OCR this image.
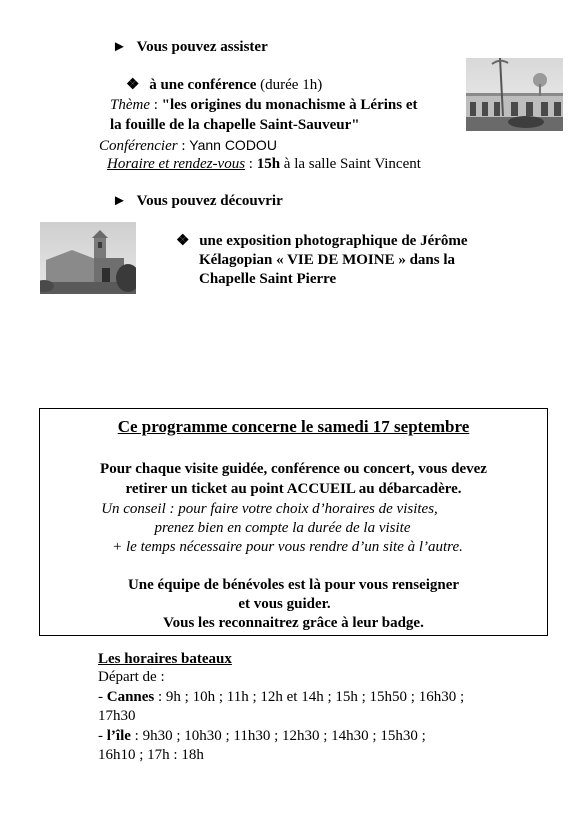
► Vous pouvez assister
❖ à une conférence (durée 1h)
Thème : "les origines du monachisme à Lérins et
la fouille de la chapelle Saint-Sauveur"
Conférencier : Yann CODOU
Horaire et rendez-vous : 15h à la salle Saint Vincent
► Vous pouvez découvrir
❖ une exposition photographique de Jérôme
Kélagopian « VIE DE MOINE » dans la
Chapelle Saint Pierre
Ce programme concerne le samedi 17 septembre
Pour chaque visite guidée, conférence ou concert, vous devez
retirer un ticket au point ACCUEIL au débarcadère.
Un conseil : pour faire votre choix d’horaires de visites,
prenez bien en compte la durée de la visite
+ le temps nécessaire pour vous rendre d’un site à l’autre.
Une équipe de bénévoles est là pour vous renseigner
et vous guider.
Vous les reconnaitrez grâce à leur badge.
Les horaires bateaux
Départ de :
- Cannes : 9h ; 10h ; 11h ; 12h et 14h ; 15h ; 15h50 ; 16h30 ;
17h30
- l’île : 9h30 ; 10h30 ; 11h30 ; 12h30 ; 14h30 ; 15h30 ;
16h10 ; 17h : 18h
